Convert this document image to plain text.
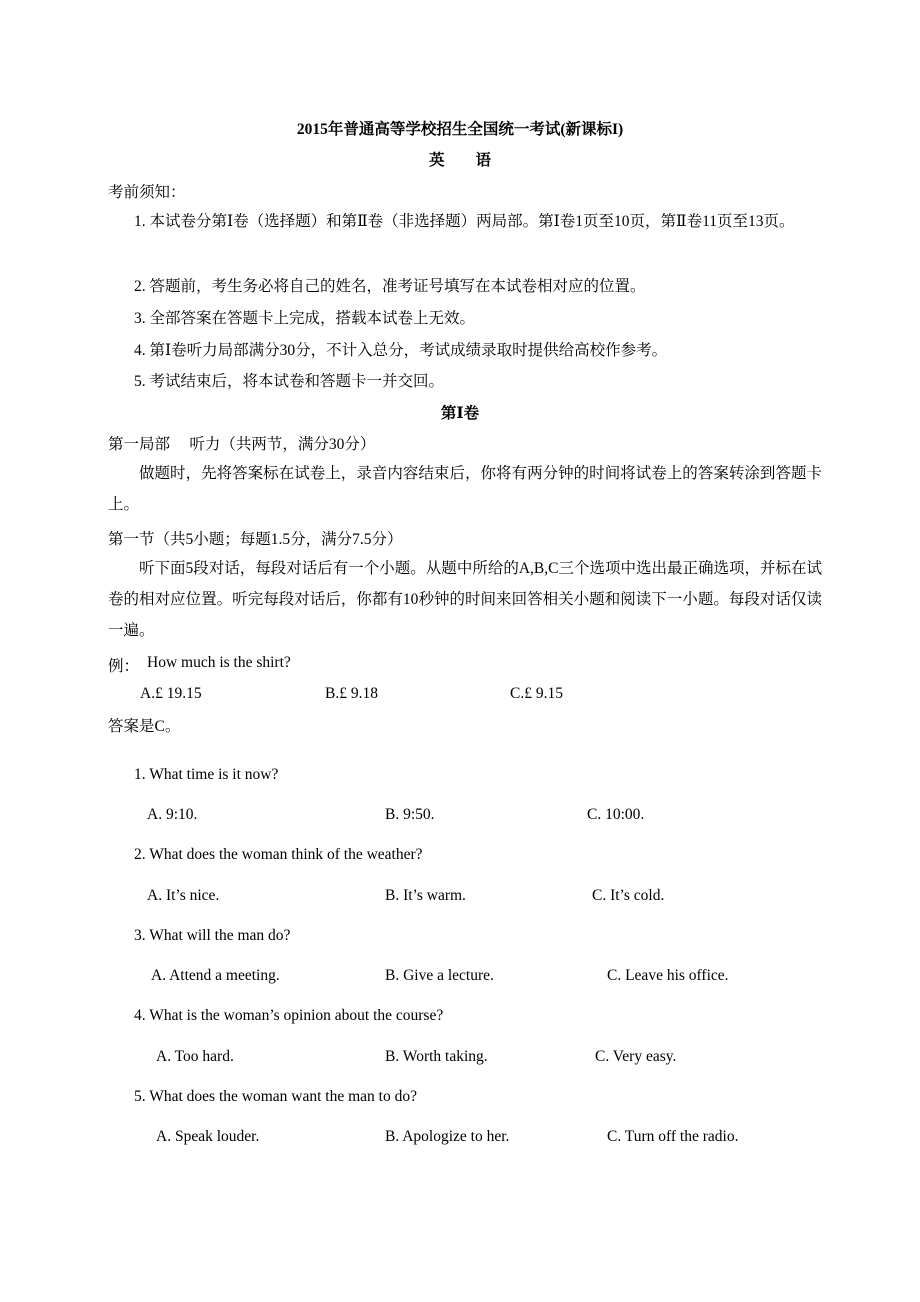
2015年普通高等学校招生全国统一考试(新课标I)
英　　语
考前须知：
1. 本试卷分第Ⅰ卷（选择题）和第Ⅱ卷（非选择题）两局部。第Ⅰ卷1页至10页，第Ⅱ卷11页至13页。
2. 答题前，考生务必将自己的姓名，准考证号填写在本试卷相对应的位置。
3. 全部答案在答题卡上完成，搭载本试卷上无效。
4. 第Ⅰ卷听力局部满分30分，不计入总分，考试成绩录取时提供给高校作参考。
5. 考试结束后，将本试卷和答题卡一并交回。
第Ⅰ卷
第一局部　 听力（共两节，满分30分）
做题时，先将答案标在试卷上，录音内容结束后，你将有两分钟的时间将试卷上的答案转涂到答题卡上。
第一节（共5小题；每题1.5分，满分7.5分）
听下面5段对话，每段对话后有一个小题。从题中所给的A,B,C三个选项中选出最正确选项，并标在试卷的相对应位置。听完每段对话后，你都有10秒钟的时间来回答相关小题和阅读下一小题。每段对话仅读一遍。
例： How much is the shirt?
A.£ 19.15	B.£ 9.18	C.£ 9.15
答案是C。
1. What time is it now?
A. 9:10.	B. 9:50.	C. 10:00.
2. What does the woman think of the weather?
A. It’s nice.	B. It’s warm.	C. It’s cold.
3. What will the man do?
A. Attend a meeting.	B. Give a lecture.	C. Leave his office.
4. What is the woman’s opinion about the course?
A. Too hard.	B. Worth taking.	C. Very easy.
5. What does the woman want the man to do?
A. Speak louder.	B. Apologize to her.	C. Turn off the radio.
